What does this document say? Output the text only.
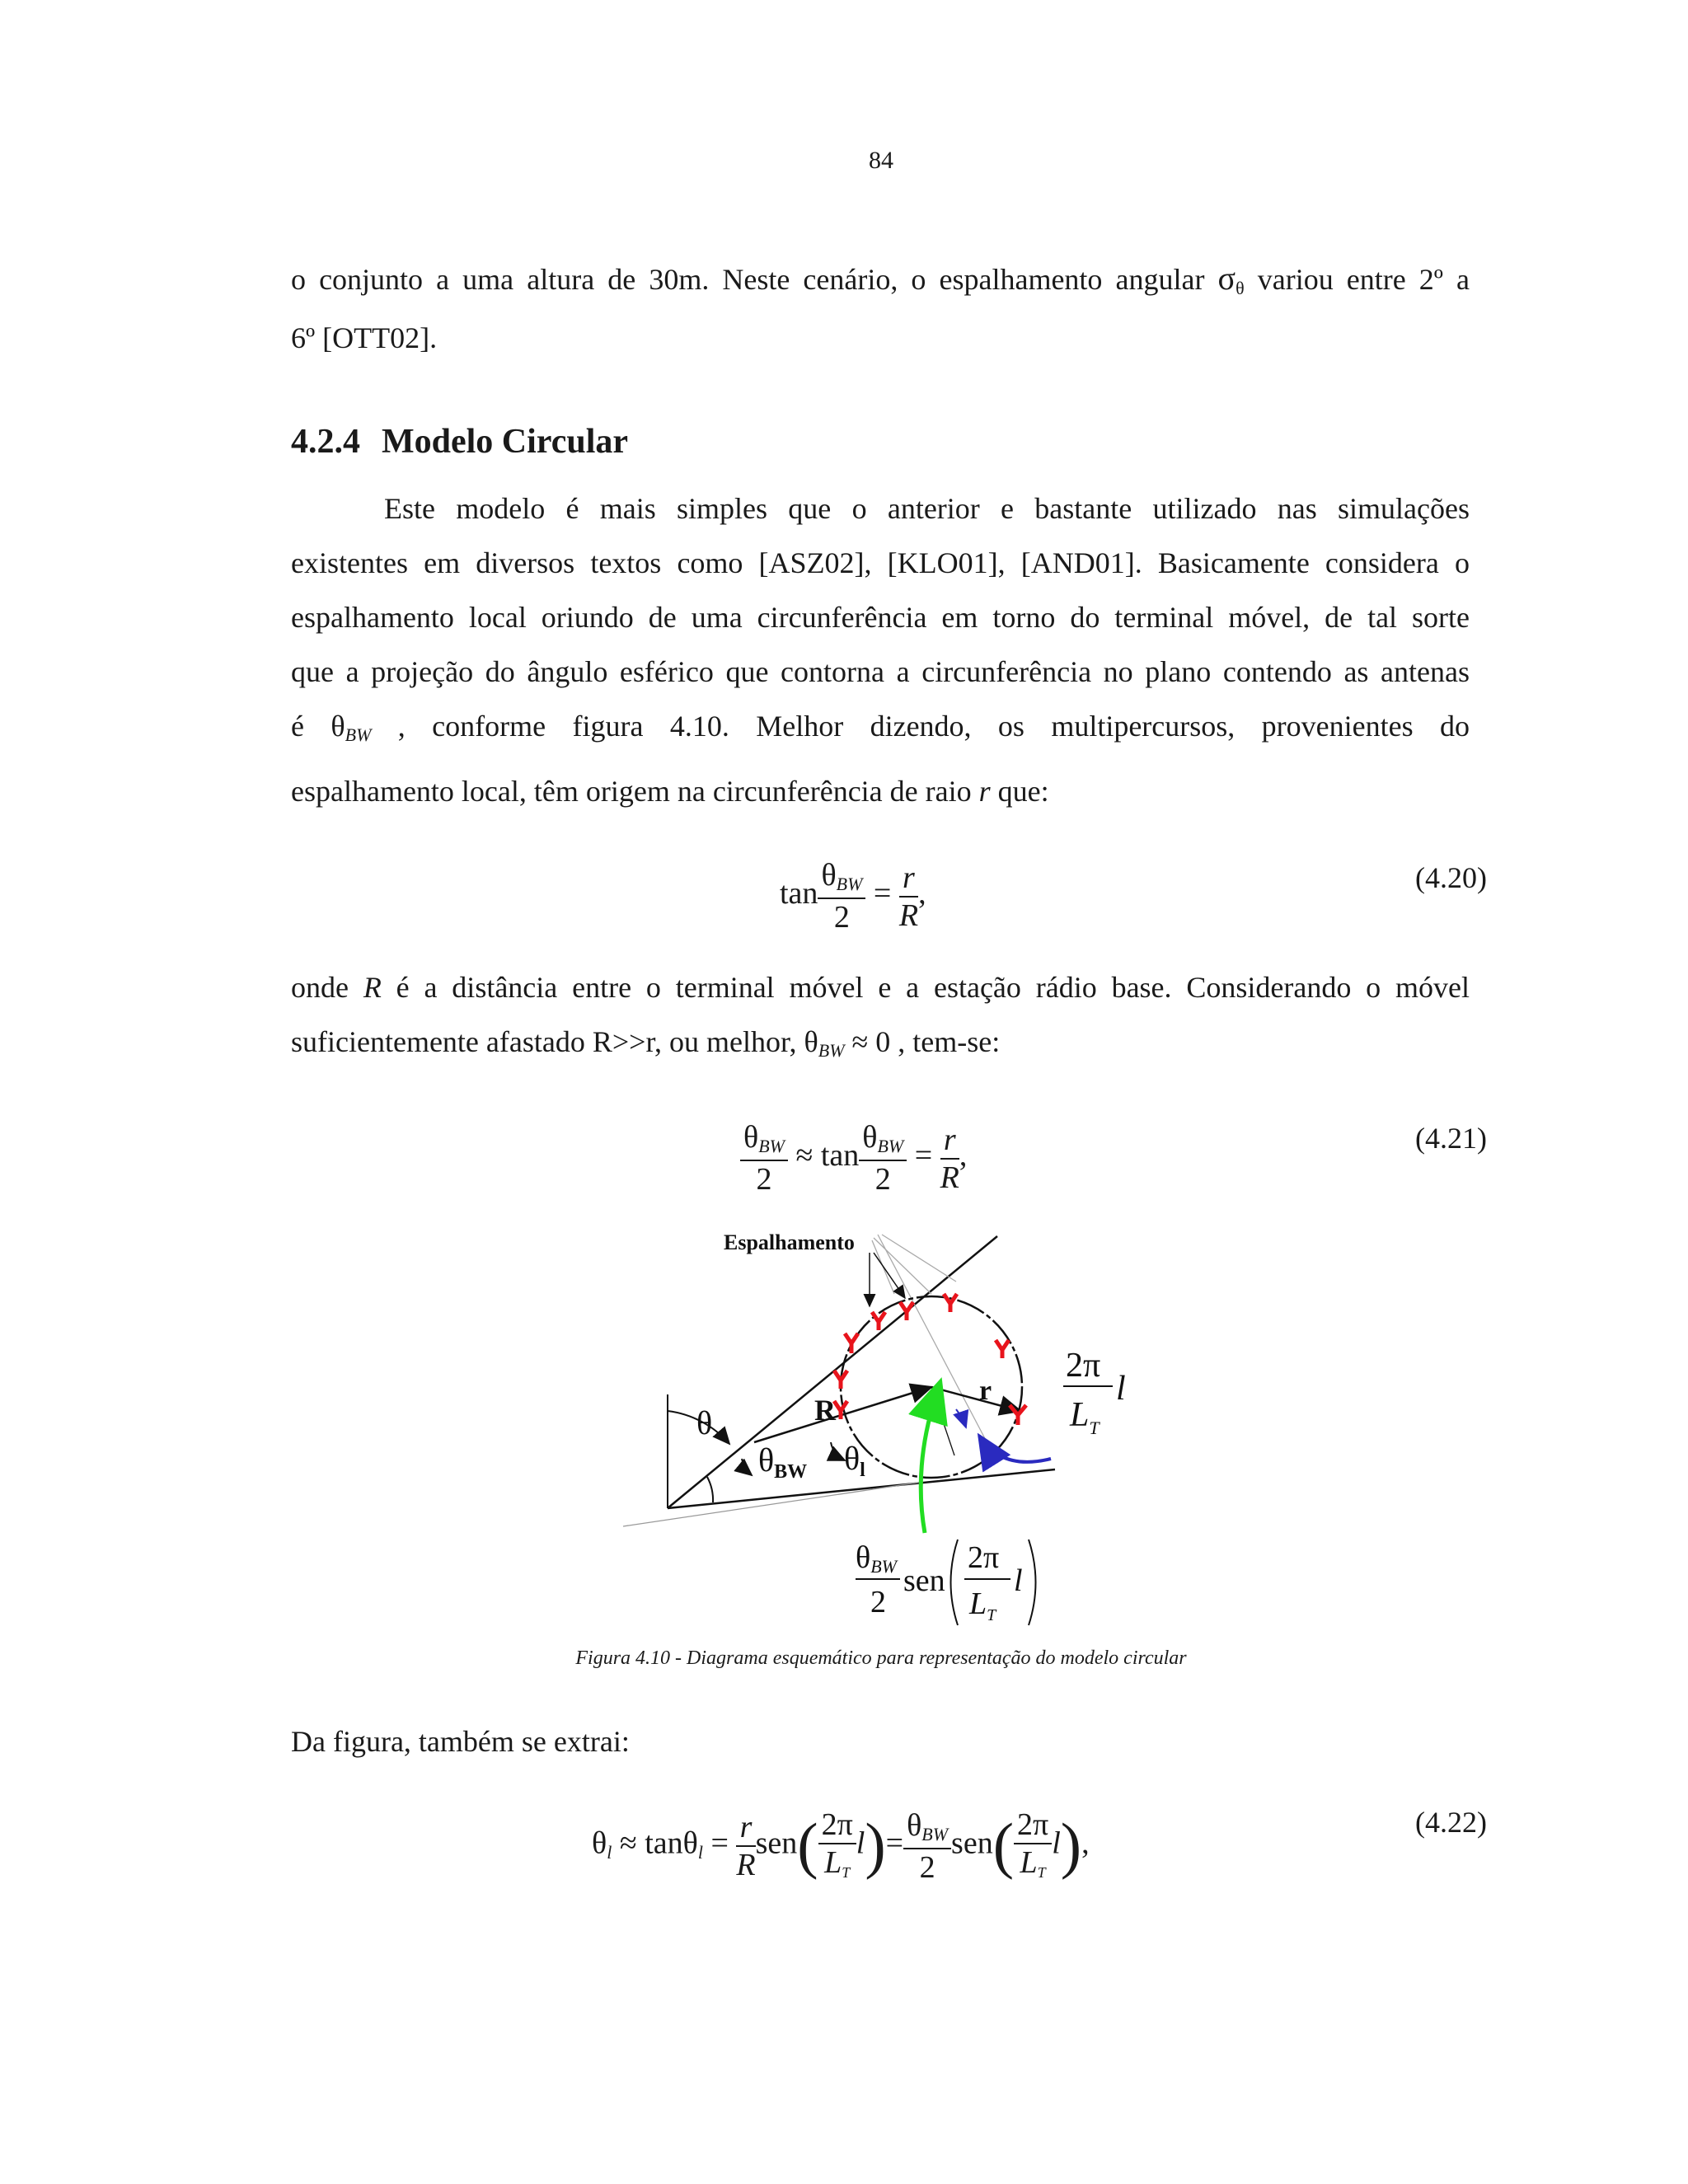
84

o conjunto a uma altura de 30m. Neste cenário, o espalhamento angular σθ variou entre 2º a

6º [OTT02].

4.2.4 Modelo Circular

Este modelo é mais simples que o anterior e bastante utilizado nas simulações

existentes em diversos textos como [ASZ02], [KLO01], [AND01]. Basicamente considera o

espalhamento local oriundo de uma circunferência em torno do terminal móvel, de tal sorte

que a projeção do ângulo esférico que contorna a circunferência no plano contendo as antenas

é θBW , conforme figura 4.10. Melhor dizendo, os multipercursos, provenientes do

espalhamento local, têm origem na circunferência de raio r que:

$\tan \frac{\text{θBW}}{2} = \frac{r}{R}$ ,	(4.20)

onde R é a distância entre o terminal móvel e a estação rádio base. Considerando o móvel

suficientemente afastado R>>r, ou melhor, θBW ≈ 0 , tem-se:

$\frac{\text{θBW}}{2} \approx \tan \frac{\text{θBW}}{2} = \frac{r}{R}$ ,
(4.21)
Espalhamento
θ	R
r
$\theta_{BW}$ $\theta_l$
2π
l
$L_T$
θBW
2
sen
2π
$L_T$
l
Figura 4.10 - Diagrama esquemático para representação do modelo circular
Da figura, também se extrai:
$\theta l \approx \tan\theta l = \frac{r}{R} sen( \frac{2\pi}{LT} l)= \frac{\text{θBW}}{2} sen( \frac{2\pi}{LT} l)$,
(4.22)
